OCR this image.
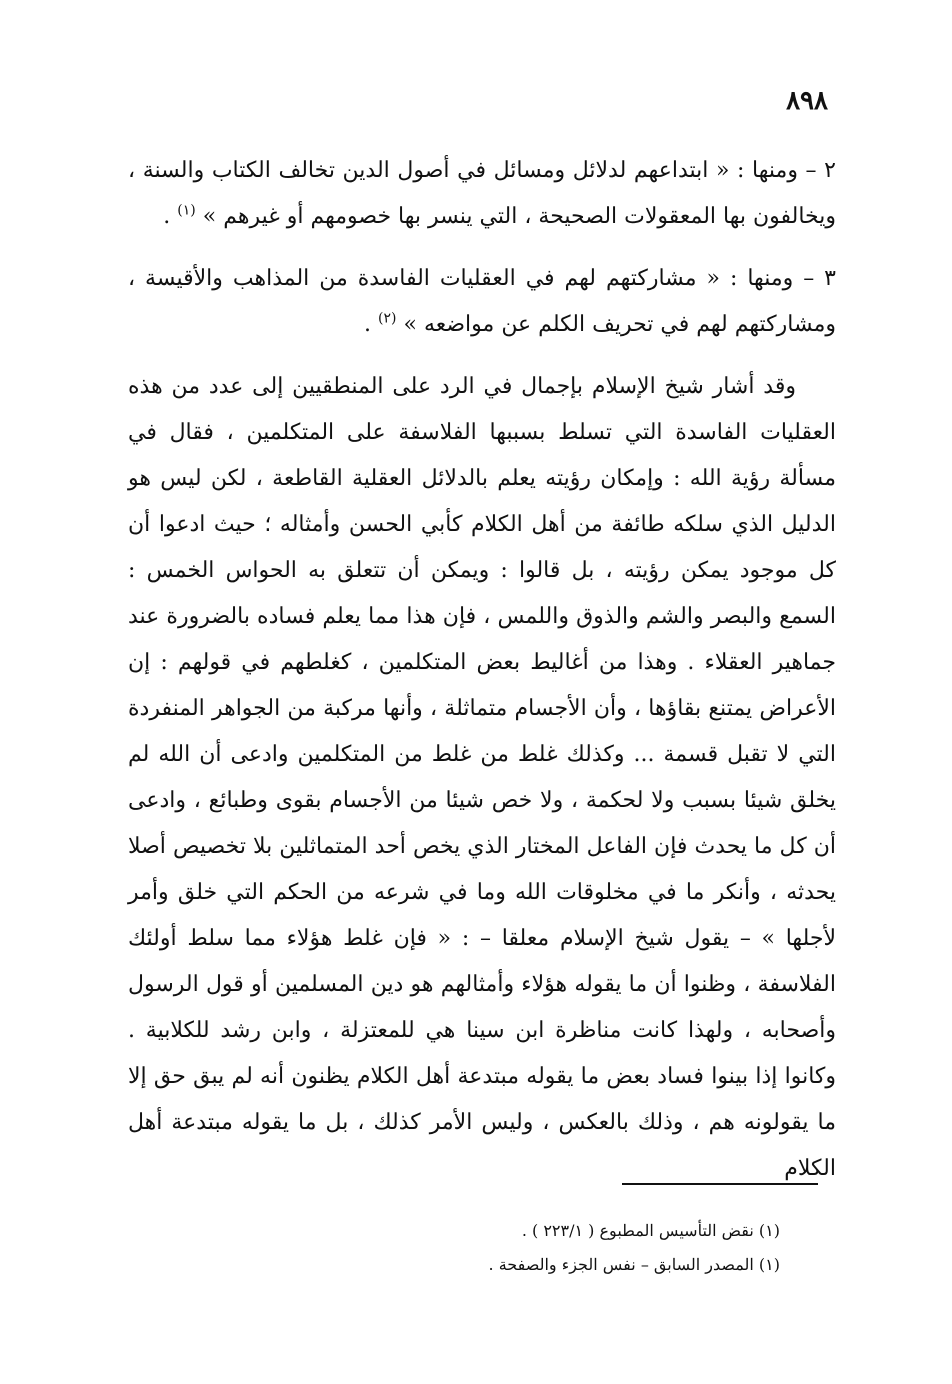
٨٩٨

٢ – ومنها : « ابتداعهم لدلائل ومسائل في أصول الدين تخالف الكتاب والسنة ، ويخالفون بها المعقولات الصحيحة ، التي ينسر بها خصومهم أو غيرهم » $^{(١)}$ .

٣ – ومنها : « مشاركتهم لهم في العقليات الفاسدة من المذاهب والأقيسة ، ومشاركتهم لهم في تحريف الكلم عن مواضعه » $^{(٢)}$ .

وقد أشار شيخ الإسلام بإجمال في الرد على المنطقيين إلى عدد من هذه العقليات الفاسدة التي تسلط بسببها الفلاسفة على المتكلمين ، فقال في مسألة رؤية الله : وإمكان رؤيته يعلم بالدلائل العقلية القاطعة ، لكن ليس هو الدليل الذي سلكه طائفة من أهل الكلام كأبي الحسن وأمثاله ؛ حيث ادعوا أن كل موجود يمكن رؤيته ، بل قالوا : ويمكن أن تتعلق به الحواس الخمس : السمع والبصر والشم والذوق واللمس ، فإن هذا مما يعلم فساده بالضرورة عند جماهير العقلاء . وهذا من أغاليط بعض المتكلمين ، كغلطهم في قولهم : إن الأعراض يمتنع بقاؤها ، وأن الأجسام متماثلة ، وأنها مركبة من الجواهر المنفردة التي لا تقبل قسمة ... وكذلك غلط من غلط من المتكلمين وادعى أن الله لم يخلق شيئا بسبب ولا لحكمة ، ولا خص شيئا من الأجسام بقوى وطبائع ، وادعى أن كل ما يحدث فإن الفاعل المختار الذي يخص أحد المتماثلين بلا تخصيص أصلا يحدثه ، وأنكر ما في مخلوقات الله وما في شرعه من الحكم التي خلق وأمر لأجلها » – يقول شيخ الإسلام معلقا – : « فإن غلط هؤلاء مما سلط أولئك الفلاسفة ، وظنوا أن ما يقوله هؤلاء وأمثالهم هو دين المسلمين أو قول الرسول وأصحابه ، ولهذا كانت مناظرة ابن سينا هي للمعتزلة ، وابن رشد للكلابية . وكانوا إذا بينوا فساد بعض ما يقوله مبتدعة أهل الكلام يظنون أنه لم يبق حق إلا ما يقولونه هم ، وذلك بالعكس ، وليس الأمر كذلك ، بل ما يقوله مبتدعة أهل الكلام

(١) نقض التأسيس المطبوع ( ٢٢٣/١ ) .
(١) المصدر السابق – نفس الجزء والصفحة .
